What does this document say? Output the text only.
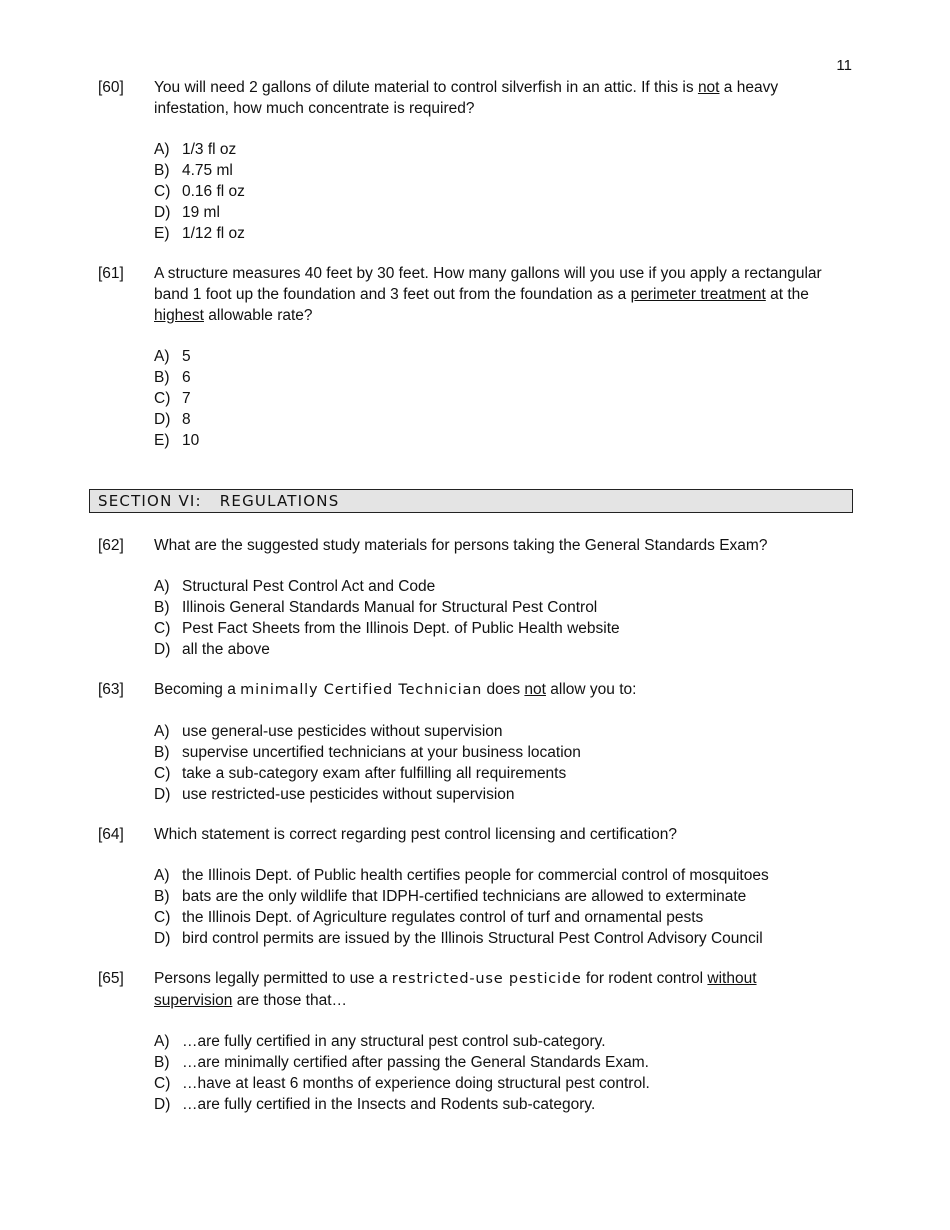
11
[60]	You will need 2 gallons of dilute material to control silverfish in an attic. If this is not a heavy infestation, how much concentrate is required?
A) 1/3 fl oz
B) 4.75 ml
C) 0.16 fl oz
D) 19 ml
E) 1/12 fl oz
[61]	A structure measures 40 feet by 30 feet. How many gallons will you use if you apply a rectangular band 1 foot up the foundation and 3 feet out from the foundation as a perimeter treatment at the highest allowable rate?
A) 5
B) 6
C) 7
D) 8
E) 10
SECTION VI: REGULATIONS
[62]	What are the suggested study materials for persons taking the General Standards Exam?
A) Structural Pest Control Act and Code
B) Illinois General Standards Manual for Structural Pest Control
C) Pest Fact Sheets from the Illinois Dept. of Public Health website
D) all the above
[63]	Becoming a minimally Certified Technician does not allow you to:
A) use general-use pesticides without supervision
B) supervise uncertified technicians at your business location
C) take a sub-category exam after fulfilling all requirements
D) use restricted-use pesticides without supervision
[64]	Which statement is correct regarding pest control licensing and certification?
A) the Illinois Dept. of Public health certifies people for commercial control of mosquitoes
B) bats are the only wildlife that IDPH-certified technicians are allowed to exterminate
C) the Illinois Dept. of Agriculture regulates control of turf and ornamental pests
D) bird control permits are issued by the Illinois Structural Pest Control Advisory Council
[65]	Persons legally permitted to use a restricted-use pesticide for rodent control without supervision are those that…
A) …are fully certified in any structural pest control sub-category.
B) …are minimally certified after passing the General Standards Exam.
C) …have at least 6 months of experience doing structural pest control.
D) …are fully certified in the Insects and Rodents sub-category.
